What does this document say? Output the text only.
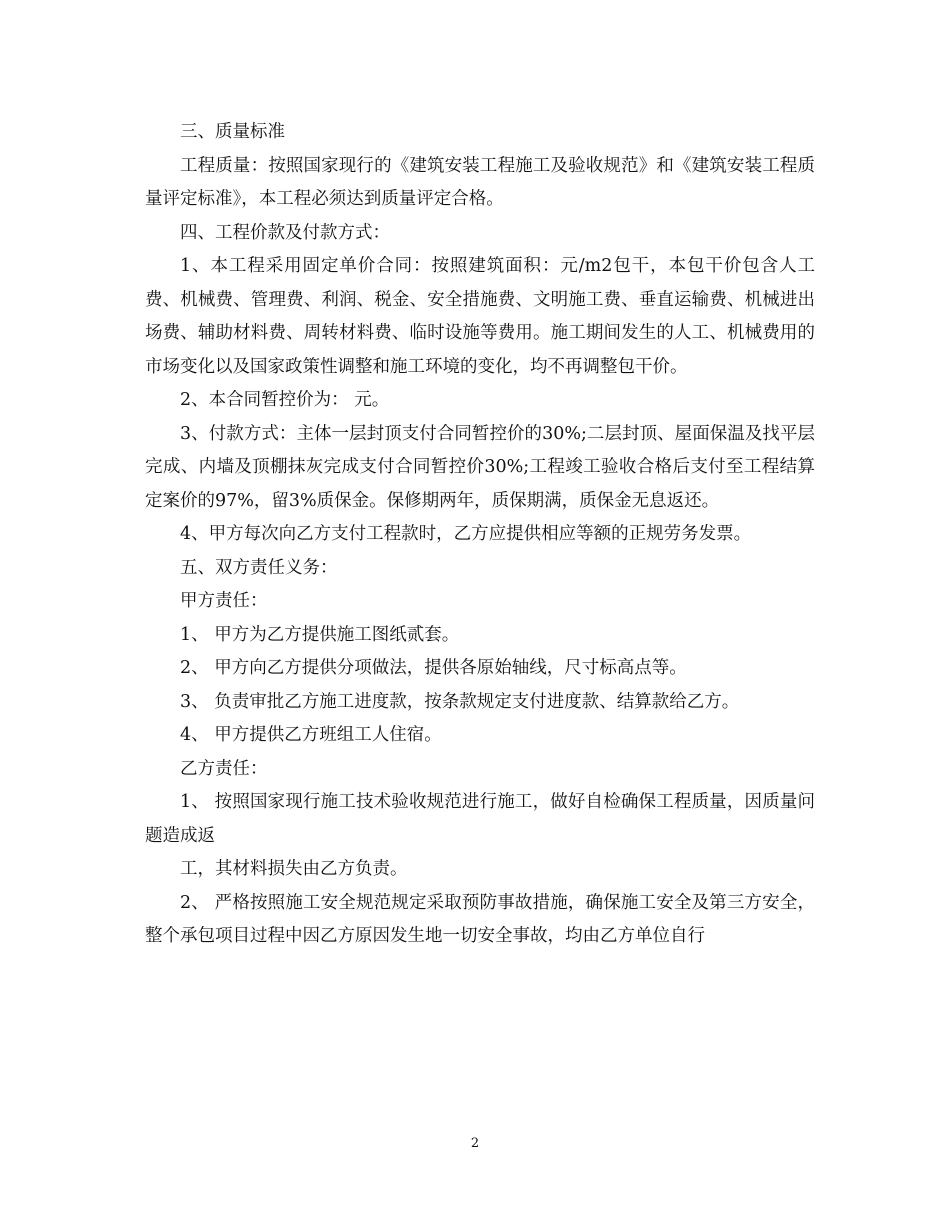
三、质量标准

工程质量：按照国家现行的《建筑安装工程施工及验收规范》和《建筑安装工程质量评定标准》，本工程必须达到质量评定合格。

四、工程价款及付款方式：

1、本工程采用固定单价合同：按照建筑面积：元/m2包干，本包干价包含人工费、机械费、管理费、利润、税金、安全措施费、文明施工费、垂直运输费、机械进出场费、辅助材料费、周转材料费、临时设施等费用。施工期间发生的人工、机械费用的市场变化以及国家政策性调整和施工环境的变化，均不再调整包干价。

2、本合同暂控价为： 元。

3、付款方式：主体一层封顶支付合同暂控价的30%;二层封顶、屋面保温及找平层完成、内墙及顶棚抹灰完成支付合同暂控价30%;工程竣工验收合格后支付至工程结算定案价的97%，留3%质保金。保修期两年，质保期满，质保金无息返还。

4、甲方每次向乙方支付工程款时，乙方应提供相应等额的正规劳务发票。

五、双方责任义务：

甲方责任：

1、 甲方为乙方提供施工图纸贰套。

2、 甲方向乙方提供分项做法，提供各原始轴线，尺寸标高点等。

3、 负责审批乙方施工进度款，按条款规定支付进度款、结算款给乙方。

4、 甲方提供乙方班组工人住宿。

乙方责任：

1、 按照国家现行施工技术验收规范进行施工，做好自检确保工程质量，因质量问题造成返

工，其材料损失由乙方负责。

2、 严格按照施工安全规范规定采取预防事故措施，确保施工安全及第三方安全，整个承包项目过程中因乙方原因发生地一切安全事故，均由乙方单位自行

2
